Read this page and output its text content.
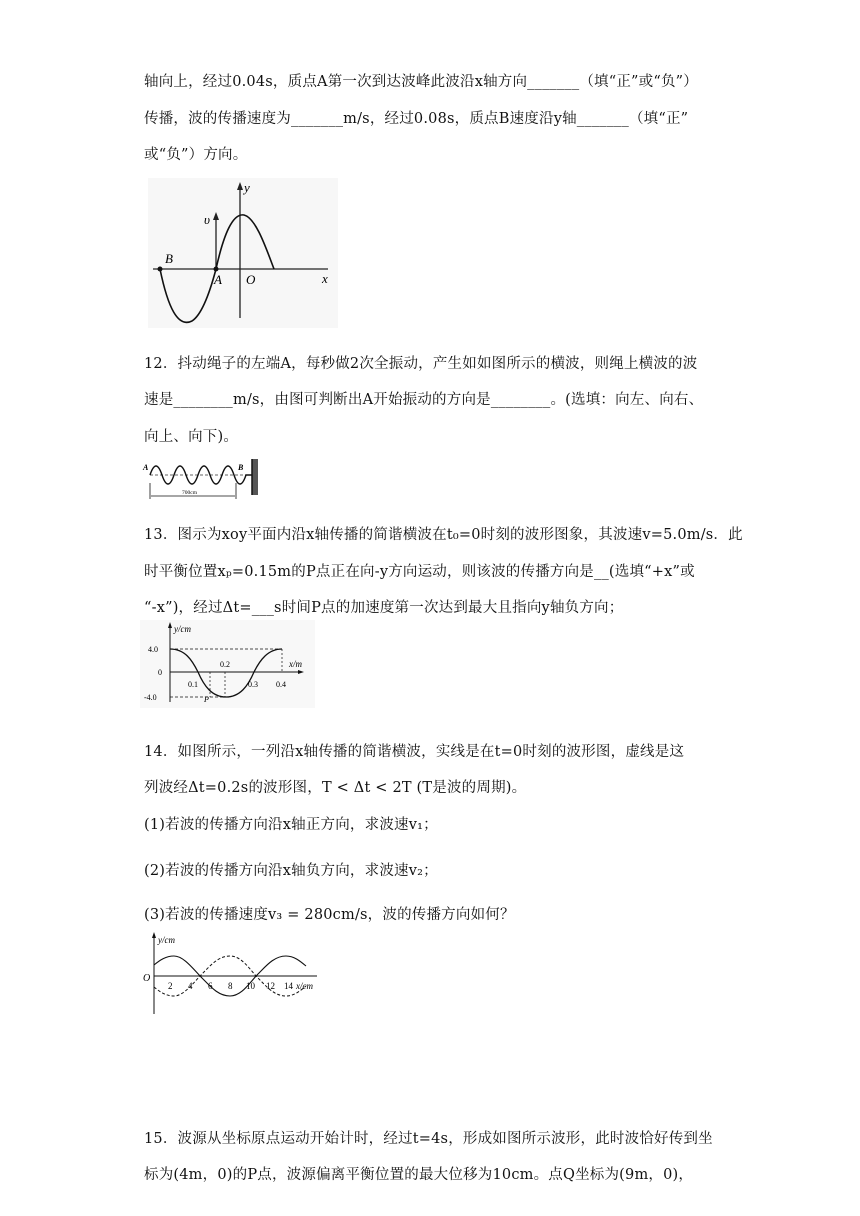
轴向上，经过0.04s，质点A第一次到达波峰此波沿x轴方向_______（填“正”或“负”）
传播，波的传播速度为_______m/s，经过0.08s，质点B速度沿y轴_______（填“正”
或“负”）方向。
y
υ
B
A O	x
12．抖动绳子的左端A，每秒做2次全振动，产生如如图所示的横波，则绳上横波的波
速是________m/s，由图可判断出A开始振动的方向是________。(选填：向左、向右、
向上、向下)。
A	B
700cm
13．图示为xoy平面内沿x轴传播的简谐横波在t₀=0时刻的波形图象，其波速v=5.0m/s．此
时平衡位置xₚ=0.15m的P点正在向-y方向运动，则该波的传播方向是__(选填“+x”或
“-x”)，经过Δt=___s时间P点的加速度第一次达到最大且指向y轴负方向；
y/cm
x/m
4.0
0
-4.0
0.1
0.2
0.3 0.4
P
14．如图所示，一列沿x轴传播的简谐横波，实线是在t=0时刻的波形图，虚线是这
列波经Δt=0.2s的波形图，T < Δt < 2T (T是波的周期)。
(1)若波的传播方向沿x轴正方向，求波速v₁；
(2)若波的传播方向沿x轴负方向，求波速v₂；
(3)若波的传播速度v₃ = 280cm/s，波的传播方向如何？
y/cm
O
2 4 6 8 10 12 14 x/cm
15．波源从坐标原点运动开始计时，经过t=4s，形成如图所示波形，此时波恰好传到坐
标为(4m，0)的P点，波源偏离平衡位置的最大位移为10cm。点Q坐标为(9m，0)，
